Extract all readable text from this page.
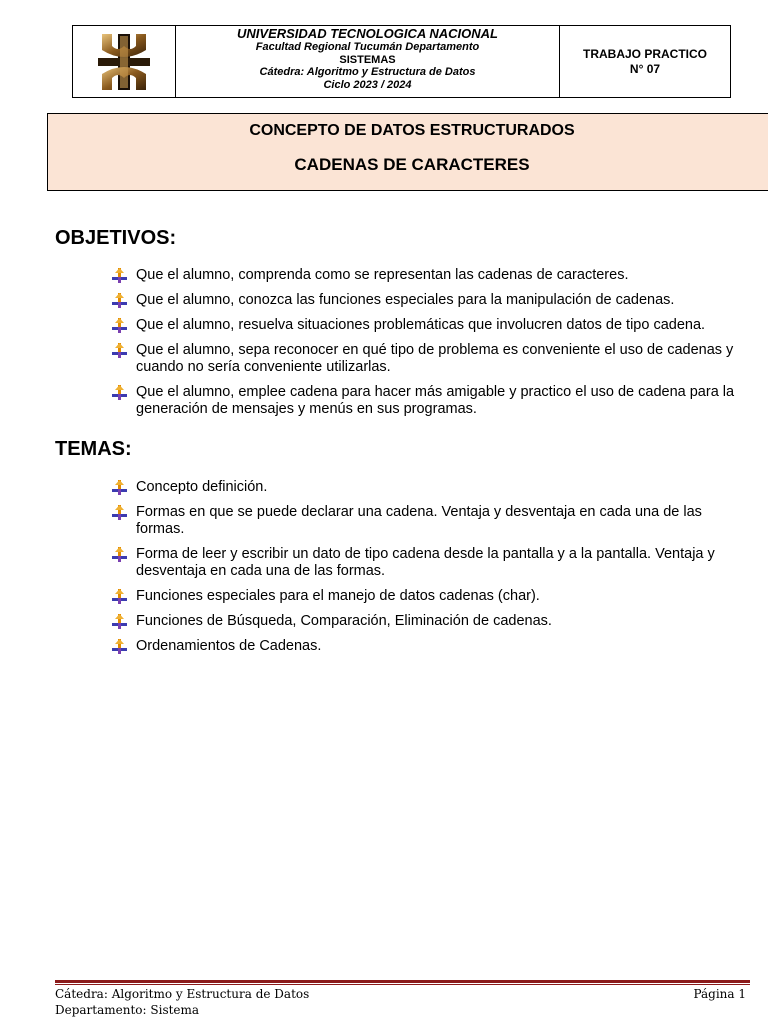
UNIVERSIDAD TECNOLOGICA NACIONAL
Facultad Regional Tucumán Departamento
SISTEMAS
Cátedra: Algoritmo y Estructura de Datos
Ciclo 2023 / 2024
TRABAJO PRACTICO
N° 07
CONCEPTO DE DATOS ESTRUCTURADOS
CADENAS DE CARACTERES
OBJETIVOS:
Que el alumno, comprenda como se representan las cadenas de caracteres.
Que el alumno, conozca las funciones especiales para la manipulación de cadenas.
Que el alumno, resuelva situaciones problemáticas que involucren datos de tipo cadena.
Que el alumno, sepa reconocer en qué tipo de problema es conveniente el uso de cadenas y cuando no sería conveniente utilizarlas.
Que el alumno, emplee cadena para hacer más amigable y practico el uso de cadena para la generación de mensajes y menús en sus programas.
TEMAS:
Concepto definición.
Formas en que se puede declarar una cadena. Ventaja y desventaja en cada una de las formas.
Forma de leer y escribir un dato de tipo cadena desde la pantalla y a la pantalla. Ventaja y desventaja en cada una de las formas.
Funciones especiales para el manejo de datos cadenas (char).
Funciones de Búsqueda, Comparación, Eliminación de cadenas.
Ordenamientos de Cadenas.
Cátedra: Algoritmo y Estructura de Datos
Departamento: Sistema
Página 1
